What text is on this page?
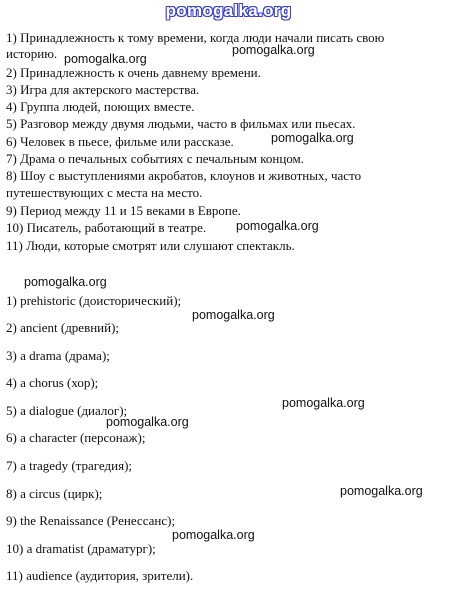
pomogalka.org
1) Принадлежность к тому времени, когда люди начали писать свою
историю.
2) Принадлежность к очень давнему времени.
3) Игра для актерского мастерства.
4) Группа людей, поющих вместе.
5) Разговор между двумя людьми, часто в фильмах или пьесах.
6) Человек в пьесе, фильме или рассказе.
7) Драма о печальных событиях с печальным концом.
8) Шоу с выступлениями акробатов, клоунов и животных, часто
путешествующих с места на место.
9) Период между 11 и 15 веками в Европе.
10) Писатель, работающий в театре.
11) Люди, которые смотрят или слушают спектакль.
1) prehistoric (доисторический);
2) ancient (древний);
3) a drama (драма);
4) a chorus (хор);
5) a dialogue (диалог);
6) a character (персонаж);
7) a tragedy (трагедия);
8) a circus (цирк);
9) the Renaissance (Ренессанс);
10) a dramatist (драматург);
11) audience (аудитория, зрители).
pomogalka.org
pomogalka.org
pomogalka.org
pomogalka.org
pomogalka.org
pomogalka.org
pomogalka.org
pomogalka.org
pomogalka.org
pomogalka.org
